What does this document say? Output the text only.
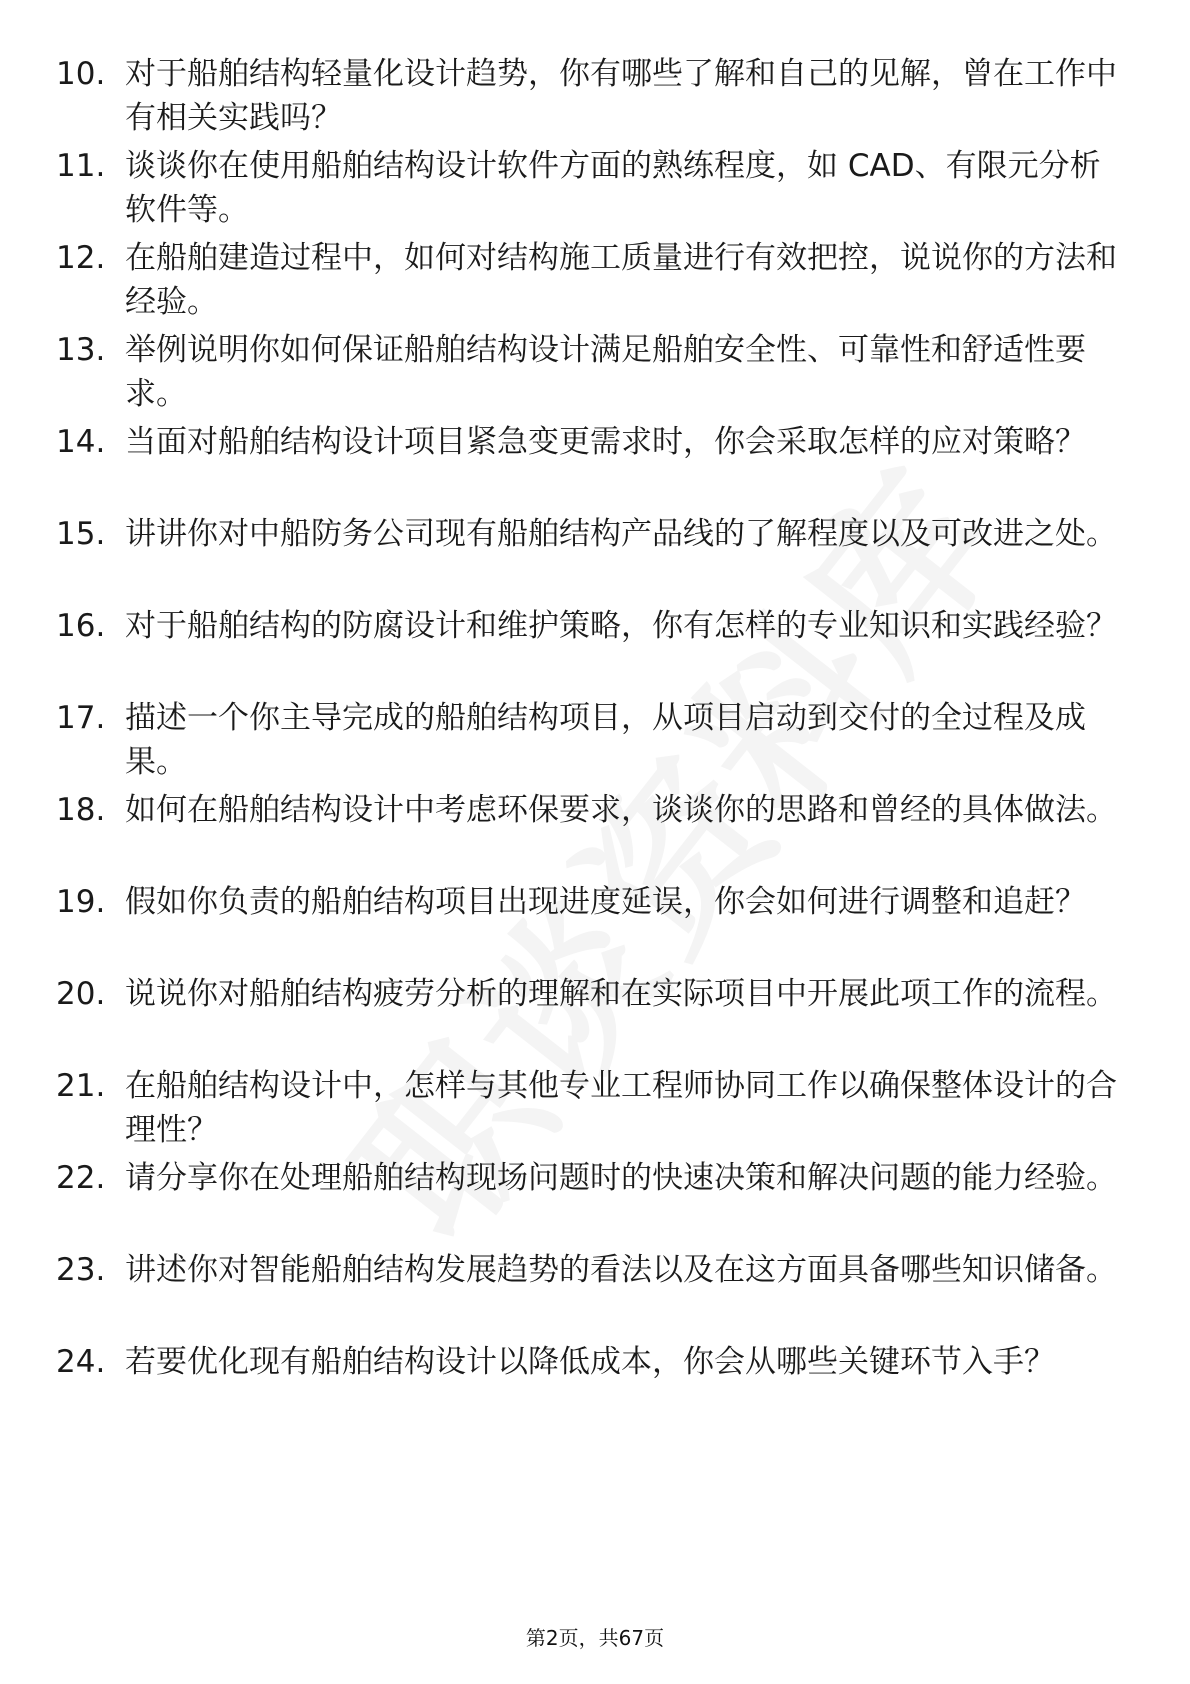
10. 对于船舶结构轻量化设计趋势，你有哪些了解和自己的见解，曾在工作中有相关实践吗？
11. 谈谈你在使用船舶结构设计软件方面的熟练程度，如 CAD、有限元分析软件等。
12. 在船舶建造过程中，如何对结构施工质量进行有效把控，说说你的方法和经验。
13. 举例说明你如何保证船舶结构设计满足船舶安全性、可靠性和舒适性要求。
14. 当面对船舶结构设计项目紧急变更需求时，你会采取怎样的应对策略？
15. 讲讲你对中船防务公司现有船舶结构产品线的了解程度以及可改进之处。
16. 对于船舶结构的防腐设计和维护策略，你有怎样的专业知识和实践经验？
17. 描述一个你主导完成的船舶结构项目，从项目启动到交付的全过程及成果。
18. 如何在船舶结构设计中考虑环保要求，谈谈你的思路和曾经的具体做法。
19. 假如你负责的船舶结构项目出现进度延误，你会如何进行调整和追赶？
20. 说说你对船舶结构疲劳分析的理解和在实际项目中开展此项工作的流程。
21. 在船舶结构设计中，怎样与其他专业工程师协同工作以确保整体设计的合理性？
22. 请分享你在处理船舶结构现场问题时的快速决策和解决问题的能力经验。
23. 讲述你对智能船舶结构发展趋势的看法以及在这方面具备哪些知识储备。
24. 若要优化现有船舶结构设计以降低成本，你会从哪些关键环节入手？
第2页，共67页
